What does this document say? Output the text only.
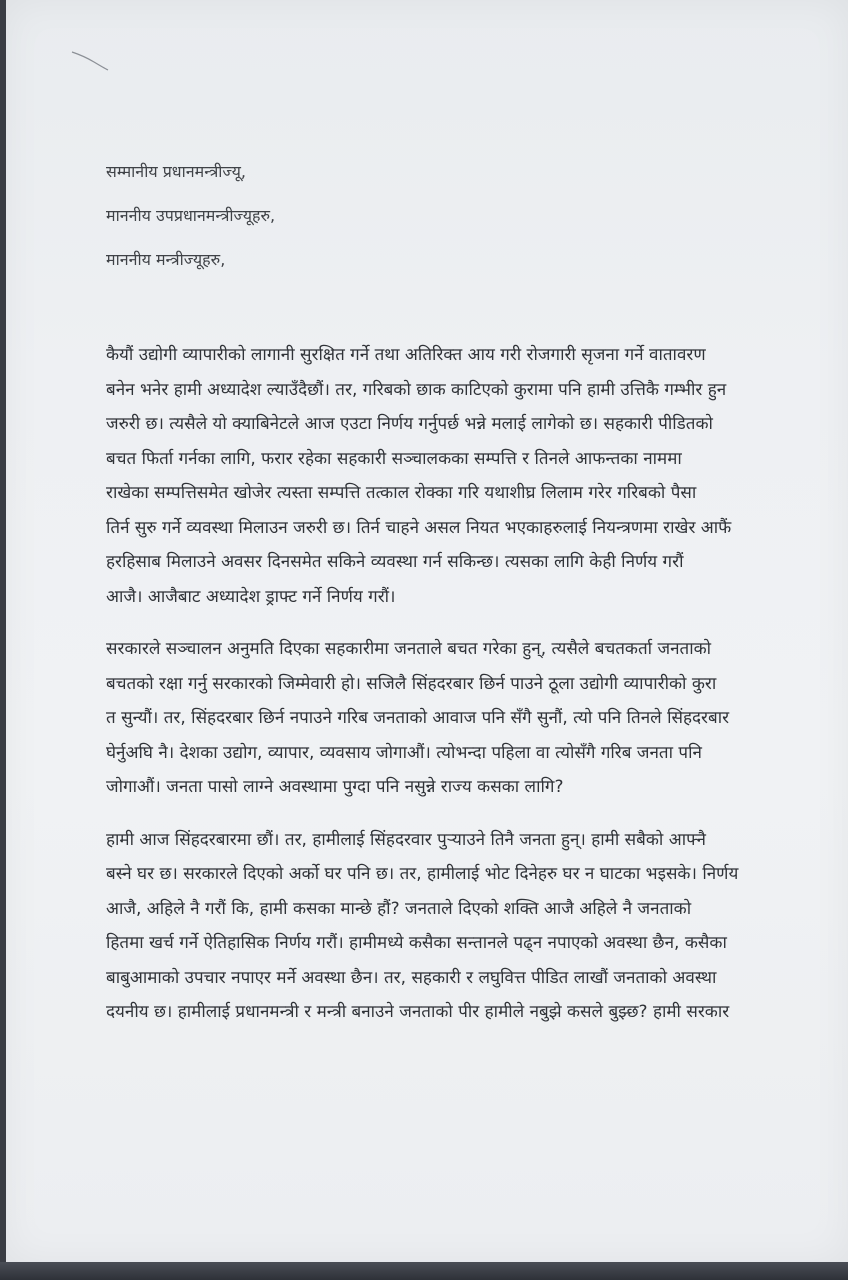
सम्मानीय प्रधानमन्त्रीज्यू,
माननीय उपप्रधानमन्त्रीज्यूहरु,
माननीय मन्त्रीज्यूहरु,
कैयौं उद्योगी व्यापारीको लागानी सुरक्षित गर्ने तथा अतिरिक्त आय गरी रोजगारी सृजना गर्ने वातावरण
बनेन भनेर हामी अध्यादेश ल्याउँदैछौं। तर, गरिबको छाक काटिएको कुरामा पनि हामी उत्तिकै गम्भीर हुन
जरुरी छ। त्यसैले यो क्याबिनेटले आज एउटा निर्णय गर्नुपर्छ भन्ने मलाई लागेको छ। सहकारी पीडितको
बचत फिर्ता गर्नका लागि, फरार रहेका सहकारी सञ्चालकका सम्पत्ति र तिनले आफन्तका नाममा
राखेका सम्पत्तिसमेत खोजेर त्यस्ता सम्पत्ति तत्काल रोक्का गरि यथाशीघ्र लिलाम गरेर गरिबको पैसा
तिर्न सुरु गर्ने व्यवस्था मिलाउन जरुरी छ। तिर्न चाहने असल नियत भएकाहरुलाई नियन्त्रणमा राखेर आफैं
हरहिसाब मिलाउने अवसर दिनसमेत सकिने व्यवस्था गर्न सकिन्छ। त्यसका लागि केही निर्णय गरौं
आजै। आजैबाट अध्यादेश ड्राफ्ट गर्ने निर्णय गरौं।
सरकारले सञ्चालन अनुमति दिएका सहकारीमा जनताले बचत गरेका हुन्, त्यसैले बचतकर्ता जनताको
बचतको रक्षा गर्नु सरकारको जिम्मेवारी हो। सजिलै सिंहदरबार छिर्न पाउने ठूला उद्योगी व्यापारीको कुरा
त सुन्यौं। तर, सिंहदरबार छिर्न नपाउने गरिब जनताको आवाज पनि सँगै सुनौं, त्यो पनि तिनले सिंहदरबार
घेर्नुअघि नै। देशका उद्योग, व्यापार, व्यवसाय जोगाऔं। त्योभन्दा पहिला वा त्योसँगै गरिब जनता पनि
जोगाऔं। जनता पासो लाग्ने अवस्थामा पुग्दा पनि नसुन्ने राज्य कसका लागि?
हामी आज सिंहदरबारमा छौं। तर, हामीलाई सिंहदरवार पुर्‍याउने तिनै जनता हुन्। हामी सबैको आफ्नै
बस्ने घर छ। सरकारले दिएको अर्को घर पनि छ। तर, हामीलाई भोट दिनेहरु घर न घाटका भइसके। निर्णय
आजै, अहिले नै गरौं कि, हामी कसका मान्छे हौं? जनताले दिएको शक्ति आजै अहिले नै जनताको
हितमा खर्च गर्ने ऐतिहासिक निर्णय गरौं। हामीमध्ये कसैका सन्तानले पढ्न नपाएको अवस्था छैन, कसैका
बाबुआमाको उपचार नपाएर मर्ने अवस्था छैन। तर, सहकारी र लघुवित्त पीडित लाखौं जनताको अवस्था
दयनीय छ। हामीलाई प्रधानमन्त्री र मन्त्री बनाउने जनताको पीर हामीले नबुझे कसले बुझ्छ? हामी सरकार
